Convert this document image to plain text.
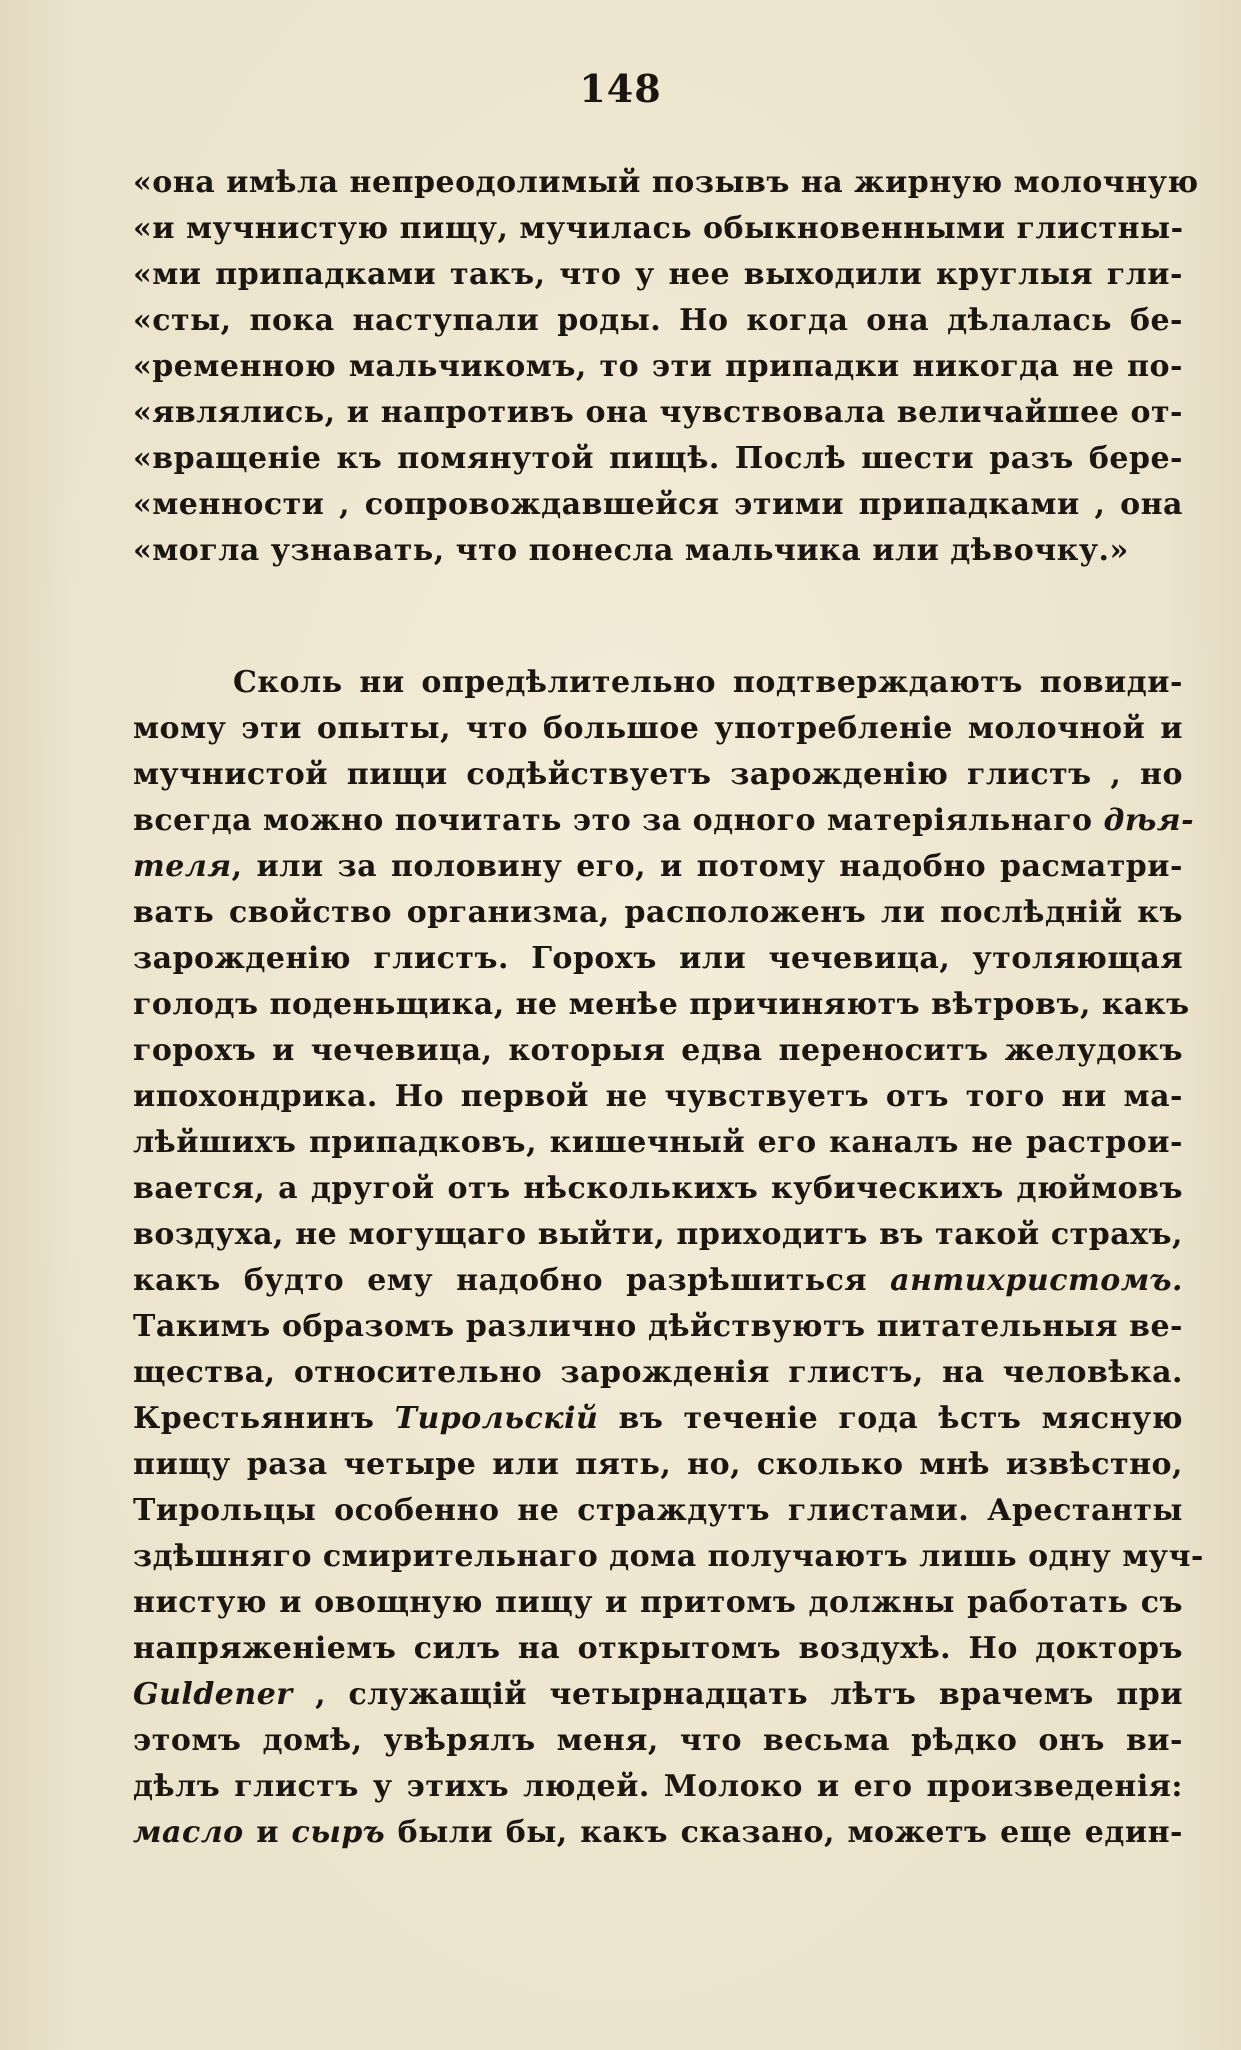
148
«она имѣла непреодолимый позывъ на жирную молочную
«и мучнистую пищу, мучилась обыкновенными глистны-
«ми припадками такъ, что у нее выходили круглыя гли-
«сты, пока наступали роды. Но когда она дѣлалась бе-
«ременною мальчикомъ, то эти припадки никогда не по-
«являлись, и напротивъ она чувствовала величайшее от-
«вращеніе къ помянутой пищѣ. Послѣ шести разъ бере-
«менности , сопровождавшейся этими припадками , она
«могла узнавать, что понесла мальчика или дѣвочку.»
Сколь ни опредѣлительно подтверждаютъ повиди-
мому эти опыты, что большое употребленіе молочной и
мучнистой пищи содѣйствуетъ зарожденію глистъ , но
всегда можно почитать это за одного матеріяльнаго дѣя-
теля, или за половину его, и потому надобно расматри-
вать свойство организма, расположенъ ли послѣдній къ
зарожденію глистъ. Горохъ или чечевица, утоляющая
голодъ поденьщика, не менѣе причиняютъ вѣтровъ, какъ
горохъ и чечевица, которыя едва переноситъ желудокъ
ипохондрика. Но первой не чувствуетъ отъ того ни ма-
лѣйшихъ припадковъ, кишечный его каналъ не растрои-
вается, а другой отъ нѣсколькихъ кубическихъ дюймовъ
воздуха, не могущаго выйти, приходитъ въ такой страхъ,
какъ будто ему надобно разрѣшиться антихристомъ.
Такимъ образомъ различно дѣйствуютъ питательныя ве-
щества, относительно зарожденія глистъ, на человѣка.
Крестьянинъ Тирольскій въ теченіе года ѣстъ мясную
пищу раза четыре или пять, но, сколько мнѣ извѣстно,
Тирольцы особенно не страждутъ глистами. Арестанты
здѣшняго смирительнаго дома получаютъ лишь одну муч-
нистую и овощную пищу и притомъ должны работать съ
напряженіемъ силъ на открытомъ воздухѣ. Но докторъ
Guldener , служащій четырнадцать лѣтъ врачемъ при
этомъ домѣ, увѣрялъ меня, что весьма рѣдко онъ ви-
дѣлъ глистъ у этихъ людей. Молоко и его произведенія:
масло и сыръ были бы, какъ сказано, можетъ еще един-
